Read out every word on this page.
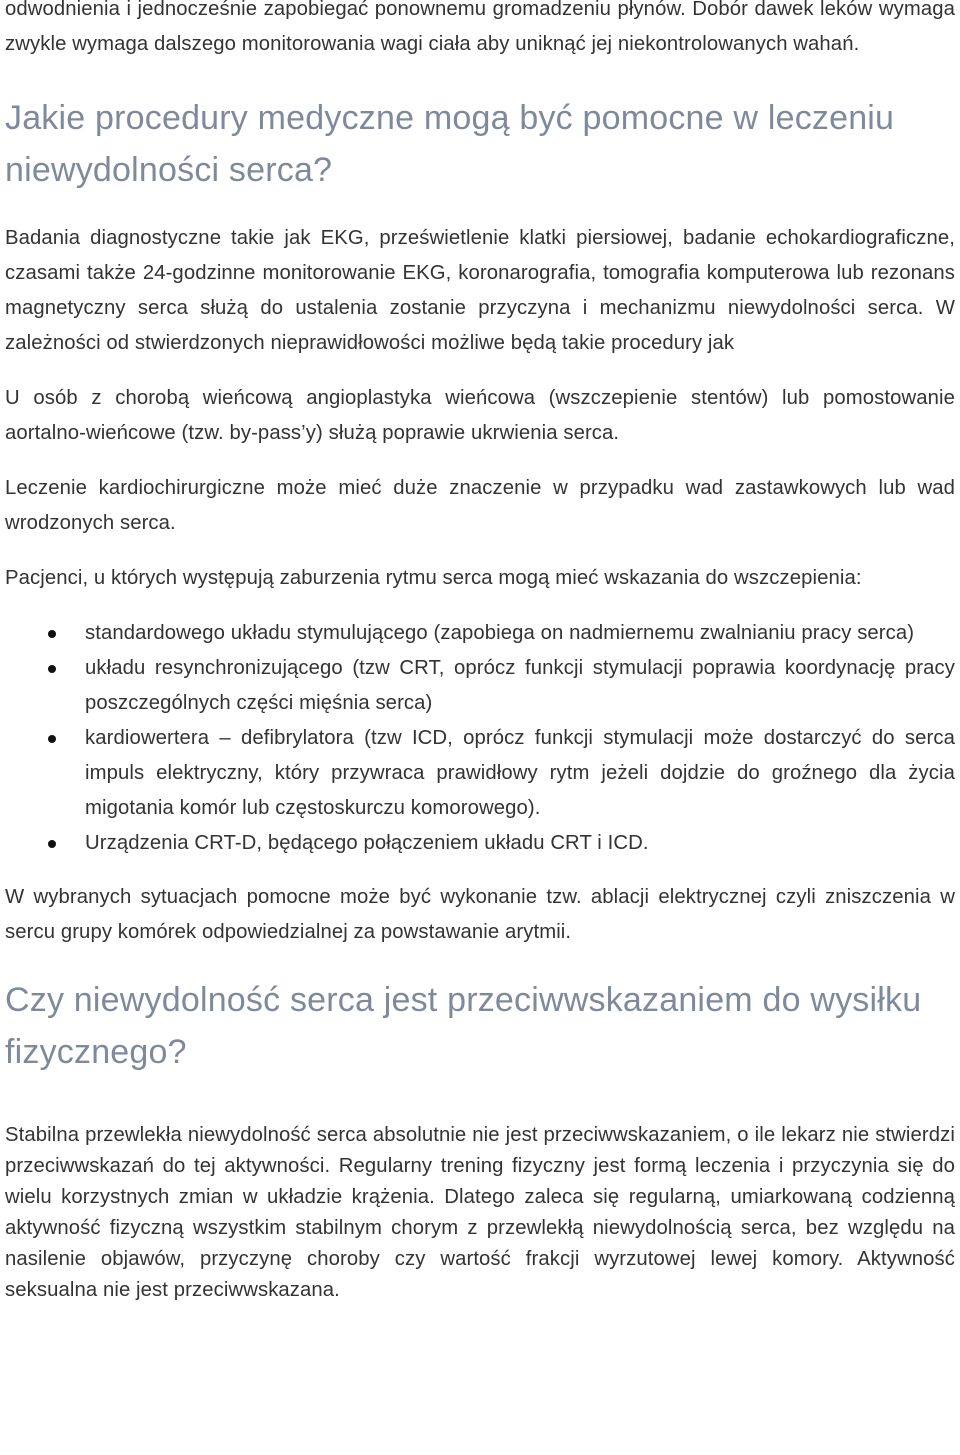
odwodnienia i jednocześnie zapobiegać ponownemu gromadzeniu płynów. Dobór dawek leków wymaga zwykle wymaga dalszego monitorowania wagi ciała aby uniknąć jej niekontrolowanych wahań.

Jakie procedury medyczne mogą być pomocne w leczeniu niewydolności serca?

Badania diagnostyczne takie jak EKG, prześwietlenie klatki piersiowej, badanie echokardiograficzne, czasami także 24-godzinne monitorowanie EKG, koronarografia, tomografia komputerowa lub rezonans magnetyczny serca służą do ustalenia zostanie przyczyna i mechanizmu niewydolności serca. W zależności od stwierdzonych nieprawidłowości możliwe będą takie procedury jak

U osób z chorobą wieńcową angioplastyka wieńcowa (wszczepienie stentów) lub pomostowanie aortalno-wieńcowe (tzw. by-pass’y) służą poprawie ukrwienia serca.

Leczenie kardiochirurgiczne może mieć duże znaczenie w przypadku wad zastawkowych lub wad wrodzonych serca.

Pacjenci, u których występują zaburzenia rytmu serca mogą mieć wskazania do wszczepienia:

standardowego układu stymulującego (zapobiega on nadmiernemu zwalnianiu pracy serca)
układu resynchronizującego (tzw CRT, oprócz funkcji stymulacji poprawia koordynację pracy poszczególnych części mięśnia serca)
kardiowertera – defibrylatora (tzw ICD, oprócz funkcji stymulacji może dostarczyć do serca impuls elektryczny, który przywraca prawidłowy rytm jeżeli dojdzie do groźnego dla życia migotania komór lub częstoskurczu komorowego).
Urządzenia CRT-D, będącego połączeniem układu CRT i ICD.

W wybranych sytuacjach pomocne może być wykonanie tzw. ablacji elektrycznej czyli zniszczenia w sercu grupy komórek odpowiedzialnej za powstawanie arytmii.

Czy niewydolność serca jest przeciwwskazaniem do wysiłku fizycznego?

Stabilna przewlekła niewydolność serca absolutnie nie jest przeciwwskazaniem, o ile lekarz nie stwierdzi przeciwwskazań do tej aktywności. Regularny trening fizyczny jest formą leczenia i przyczynia się do wielu korzystnych zmian w układzie krążenia. Dlatego zaleca się regularną, umiarkowaną codzienną aktywność fizyczną wszystkim stabilnym chorym z przewlekłą niewydolnością serca, bez względu na nasilenie objawów, przyczynę choroby czy wartość frakcji wyrzutowej lewej komory. Aktywność seksualna nie jest przeciwwskazana.
